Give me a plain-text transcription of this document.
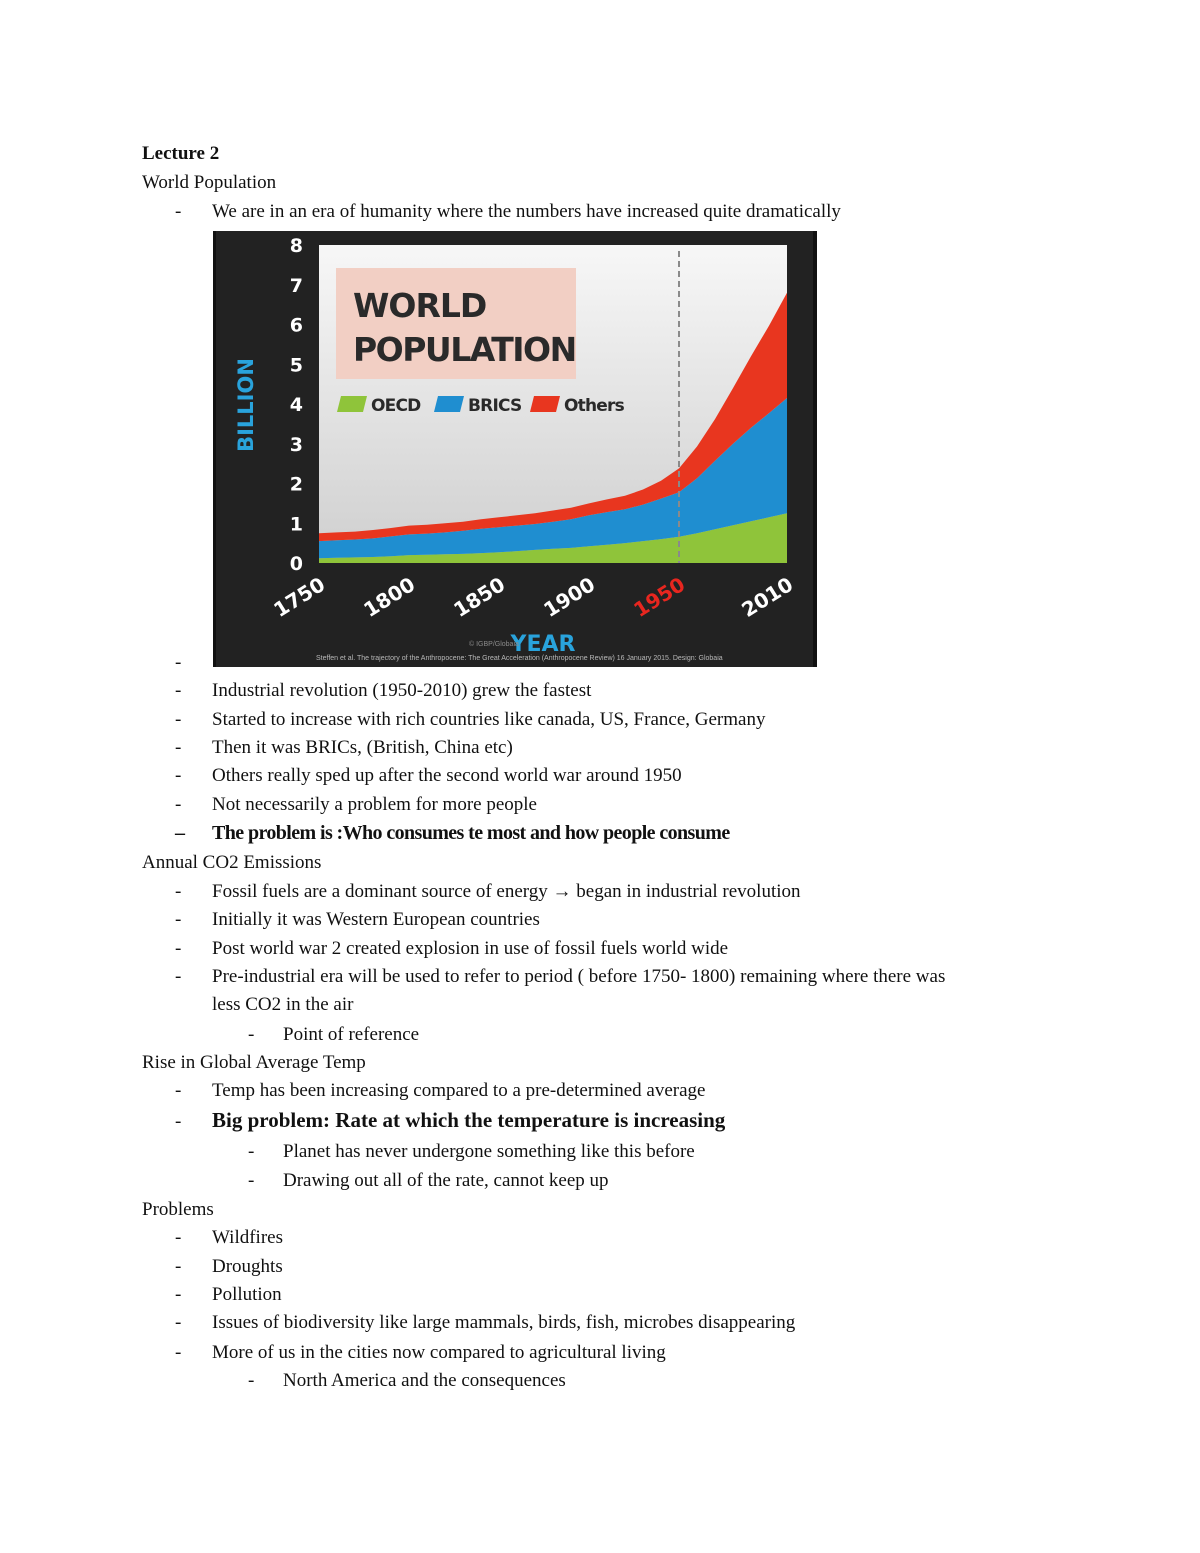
Lecture 2
World Population
- We are in an era of humanity where the numbers have increased quite dramatically
0
1
2
3
4
5
6
7
8
BILLION
1750 1800 1850 1900 1950 2010
YEAR
WORLD
POPULATION
OECD	BRICS	Others
© IGBP/Globaia
Steffen et al. The trajectory of the Anthropocene: The Great Acceleration (Anthropocene Review) 16 January 2015. Design: Globaia
-
- Industrial revolution (1950-2010) grew the fastest
- Started to increase with rich countries like canada, US, France, Germany
- Then it was BRICs, (British, China etc)
- Others really sped up after the second world war around 1950
- Not necessarily a problem for more people
– The problem is :Who consumes te most and how people consume
Annual CO2 Emissions
- Fossil fuels are a dominant source of energy → began in industrial revolution
- Initially it was Western European countries
- Post world war 2 created explosion in use of fossil fuels world wide
- Pre-industrial era will be used to refer to period ( before 1750- 1800) remaining where there was
less CO2 in the air
- Point of reference
Rise in Global Average Temp
- Temp has been increasing compared to a pre-determined average
- Big problem: Rate at which the temperature is increasing
- Planet has never undergone something like this before
- Drawing out all of the rate, cannot keep up
Problems
- Wildfires
- Droughts
- Pollution
- Issues of biodiversity like large mammals, birds, fish, microbes disappearing
- More of us in the cities now compared to agricultural living
- North America and the consequences
